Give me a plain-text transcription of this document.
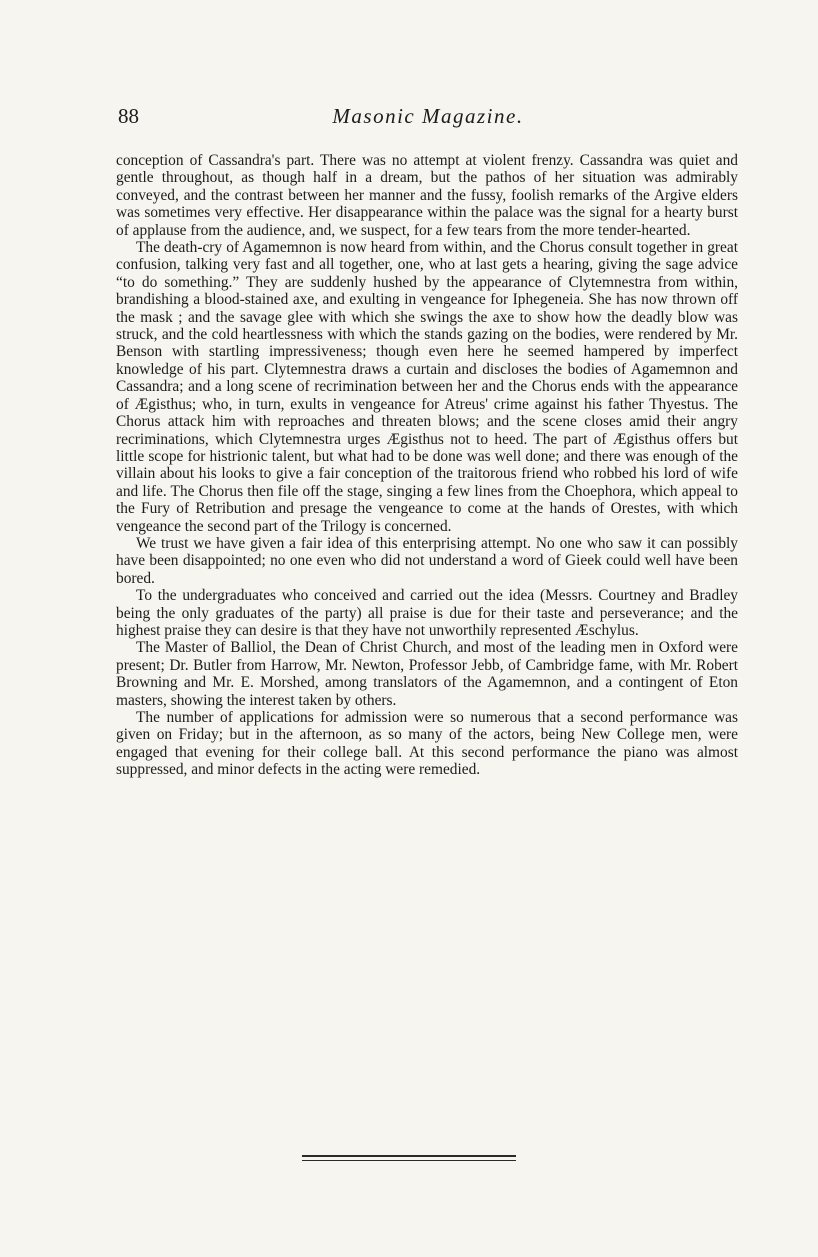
88	Masonic Magazine.

conception of Cassandra's part. There was no attempt at violent frenzy. Cassandra was quiet and gentle throughout, as though half in a dream, but the pathos of her situation was admirably conveyed, and the contrast between her manner and the fussy, foolish remarks of the Argive elders was sometimes very effective. Her disappearance within the palace was the signal for a hearty burst of applause from the audience, and, we suspect, for a few tears from the more tender-hearted.

The death-cry of Agamemnon is now heard from within, and the Chorus consult together in great confusion, talking very fast and all together, one, who at last gets a hearing, giving the sage advice “to do something.” They are suddenly hushed by the appearance of Clytemnestra from within, brandishing a blood-stained axe, and exulting in vengeance for Iphegeneia. She has now thrown off the mask ; and the savage glee with which she swings the axe to show how the deadly blow was struck, and the cold heartlessness with which the stands gazing on the bodies, were rendered by Mr. Benson with startling impressiveness; though even here he seemed hampered by imperfect knowledge of his part. Clytemnestra draws a curtain and discloses the bodies of Agamemnon and Cassandra; and a long scene of recrimination between her and the Chorus ends with the appearance of Ægisthus; who, in turn, exults in vengeance for Atreus' crime against his father Thyestus. The Chorus attack him with reproaches and threaten blows; and the scene closes amid their angry recriminations, which Clytemnestra urges Ægisthus not to heed. The part of Ægisthus offers but little scope for histrionic talent, but what had to be done was well done; and there was enough of the villain about his looks to give a fair conception of the traitorous friend who robbed his lord of wife and life. The Chorus then file off the stage, singing a few lines from the Choephora, which appeal to the Fury of Retribution and presage the vengeance to come at the hands of Orestes, with which vengeance the second part of the Trilogy is concerned.

We trust we have given a fair idea of this enterprising attempt. No one who saw it can possibly have been disappointed; no one even who did not understand a word of Gieek could well have been bored.

To the undergraduates who conceived and carried out the idea (Messrs. Courtney and Bradley being the only graduates of the party) all praise is due for their taste and perseverance; and the highest praise they can desire is that they have not unworthily represented Æschylus.

The Master of Balliol, the Dean of Christ Church, and most of the leading men in Oxford were present; Dr. Butler from Harrow, Mr. Newton, Professor Jebb, of Cambridge fame, with Mr. Robert Browning and Mr. E. Morshed, among translators of the Agamemnon, and a contingent of Eton masters, showing the interest taken by others.

The number of applications for admission were so numerous that a second performance was given on Friday; but in the afternoon, as so many of the actors, being New College men, were engaged that evening for their college ball. At this second performance the piano was almost suppressed, and minor defects in the acting were remedied.
